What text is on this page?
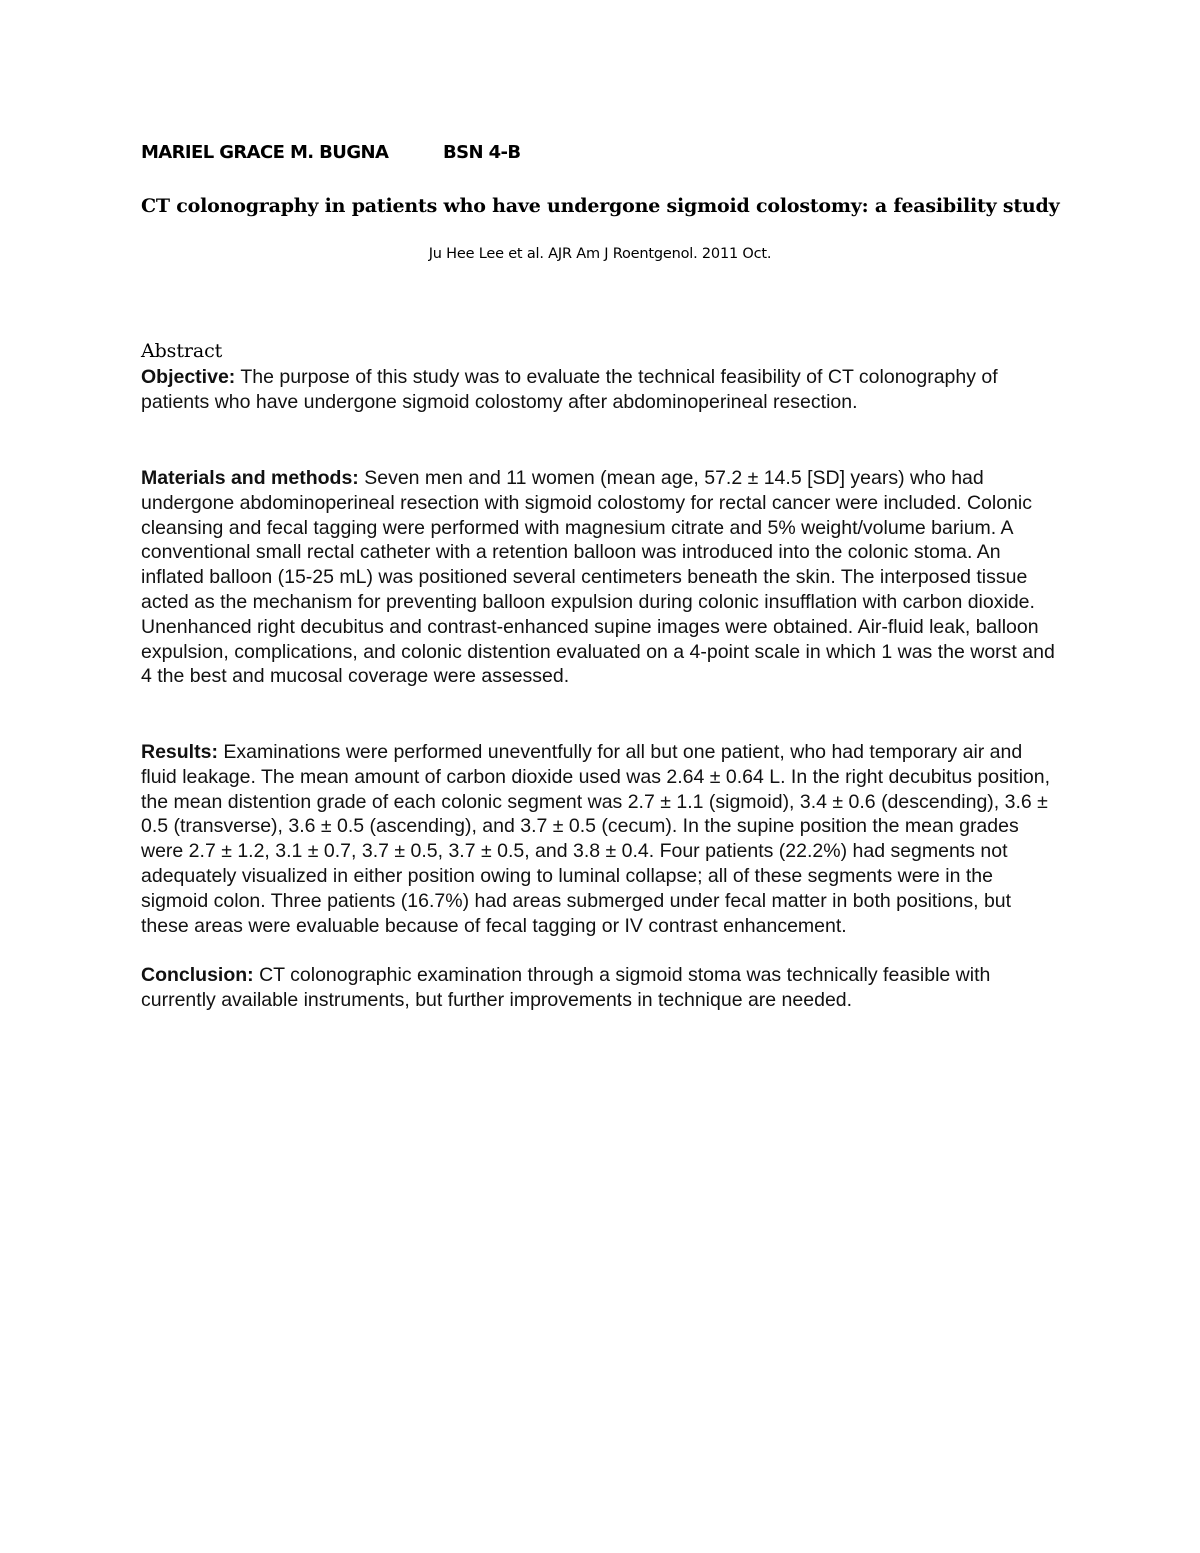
MARIEL GRACE M. BUGNA	BSN 4-B
CT colonography in patients who have undergone sigmoid colostomy: a feasibility study
Ju Hee Lee et al. AJR Am J Roentgenol. 2011 Oct.
Abstract
Objective: The purpose of this study was to evaluate the technical feasibility of CT colonography of patients who have undergone sigmoid colostomy after abdominoperineal resection.
Materials and methods: Seven men and 11 women (mean age, 57.2 ± 14.5 [SD] years) who had undergone abdominoperineal resection with sigmoid colostomy for rectal cancer were included. Colonic cleansing and fecal tagging were performed with magnesium citrate and 5% weight/volume barium. A conventional small rectal catheter with a retention balloon was introduced into the colonic stoma. An inflated balloon (15-25 mL) was positioned several centimeters beneath the skin. The interposed tissue acted as the mechanism for preventing balloon expulsion during colonic insufflation with carbon dioxide. Unenhanced right decubitus and contrast-enhanced supine images were obtained. Air-fluid leak, balloon expulsion, complications, and colonic distention evaluated on a 4-point scale in which 1 was the worst and 4 the best and mucosal coverage were assessed.
Results: Examinations were performed uneventfully for all but one patient, who had temporary air and fluid leakage. The mean amount of carbon dioxide used was 2.64 ± 0.64 L. In the right decubitus position, the mean distention grade of each colonic segment was 2.7 ± 1.1 (sigmoid), 3.4 ± 0.6 (descending), 3.6 ± 0.5 (transverse), 3.6 ± 0.5 (ascending), and 3.7 ± 0.5 (cecum). In the supine position the mean grades were 2.7 ± 1.2, 3.1 ± 0.7, 3.7 ± 0.5, 3.7 ± 0.5, and 3.8 ± 0.4. Four patients (22.2%) had segments not adequately visualized in either position owing to luminal collapse; all of these segments were in the sigmoid colon. Three patients (16.7%) had areas submerged under fecal matter in both positions, but these areas were evaluable because of fecal tagging or IV contrast enhancement.
Conclusion: CT colonographic examination through a sigmoid stoma was technically feasible with currently available instruments, but further improvements in technique are needed.
